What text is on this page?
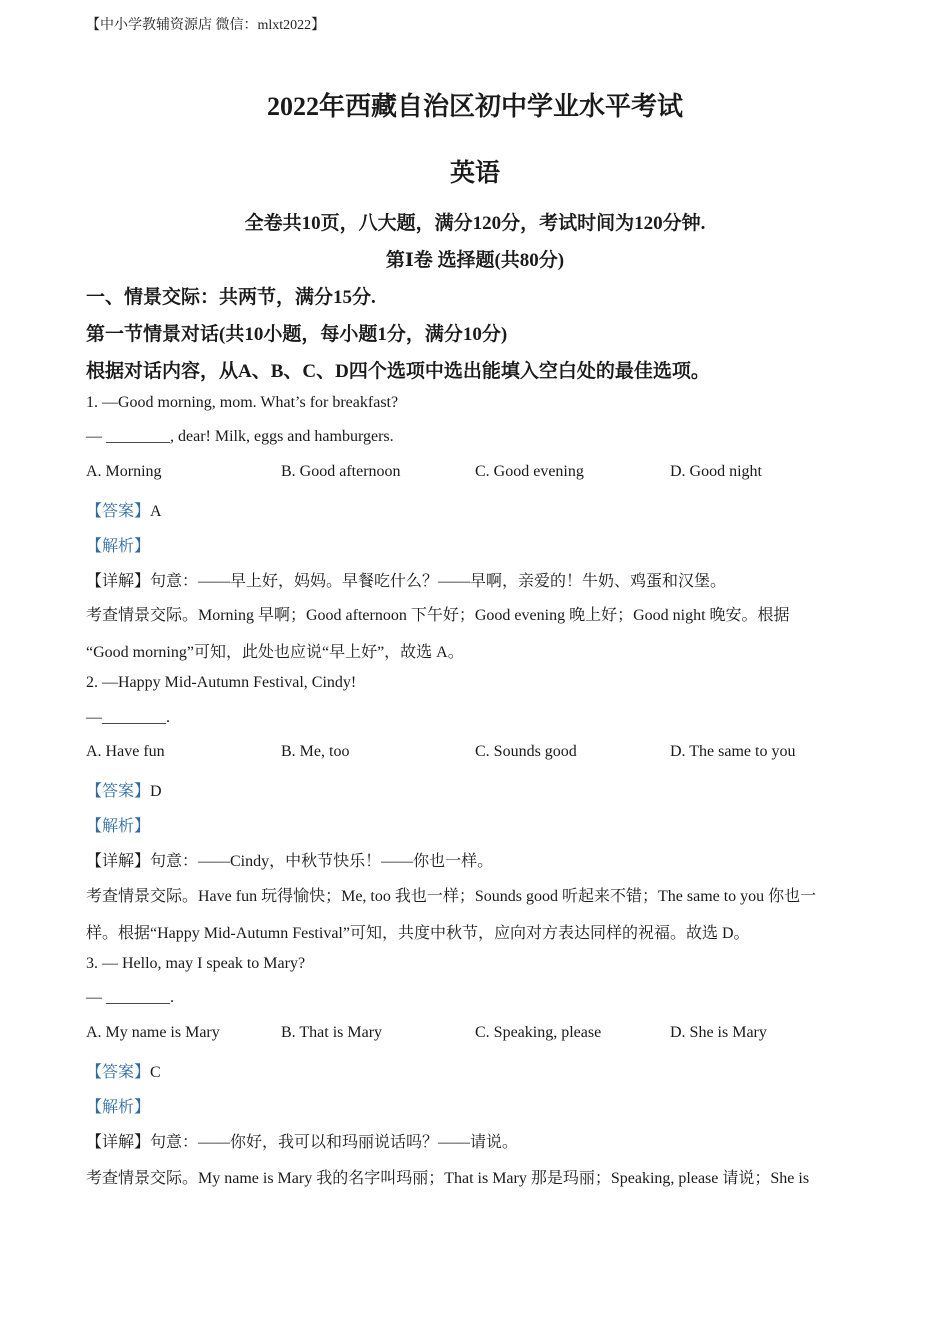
【中小学教辅资源店 微信：mlxt2022】
2022年西藏自治区初中学业水平考试
英语
全卷共10页，八大题，满分120分，考试时间为120分钟.
第Ⅰ卷 选择题(共80分)
一、情景交际：共两节，满分15分.
第一节情景对话(共10小题，每小题1分，满分10分)
根据对话内容，从A、B、C、D四个选项中选出能填入空白处的最佳选项。
1. —Good morning, mom. What’s for breakfast?
— ________, dear! Milk, eggs and hamburgers.
A. Morning	B. Good afternoon	C. Good evening	D. Good night
【答案】A
【解析】
【详解】句意：——早上好，妈妈。早餐吃什么？——早啊，亲爱的！牛奶、鸡蛋和汉堡。
考查情景交际。Morning 早啊；Good afternoon 下午好；Good evening 晚上好；Good night 晚安。根据
“Good morning”可知，此处也应说“早上好”，故选 A。
2. —Happy Mid-Autumn Festival, Cindy!
—________.
A. Have fun	B. Me, too	C. Sounds good	D. The same to you
【答案】D
【解析】
【详解】句意：——Cindy，中秋节快乐！——你也一样。
考查情景交际。Have fun 玩得愉快；Me, too 我也一样；Sounds good 听起来不错；The same to you 你也一
样。根据“Happy Mid-Autumn Festival”可知，共度中秋节，应向对方表达同样的祝福。故选 D。
3. — Hello, may I speak to Mary?
— ________.
A. My name is Mary	B. That is Mary	C. Speaking, please	D. She is Mary
【答案】C
【解析】
【详解】句意：——你好，我可以和玛丽说话吗？——请说。
考查情景交际。My name is Mary 我的名字叫玛丽；That is Mary 那是玛丽；Speaking, please 请说；She is
